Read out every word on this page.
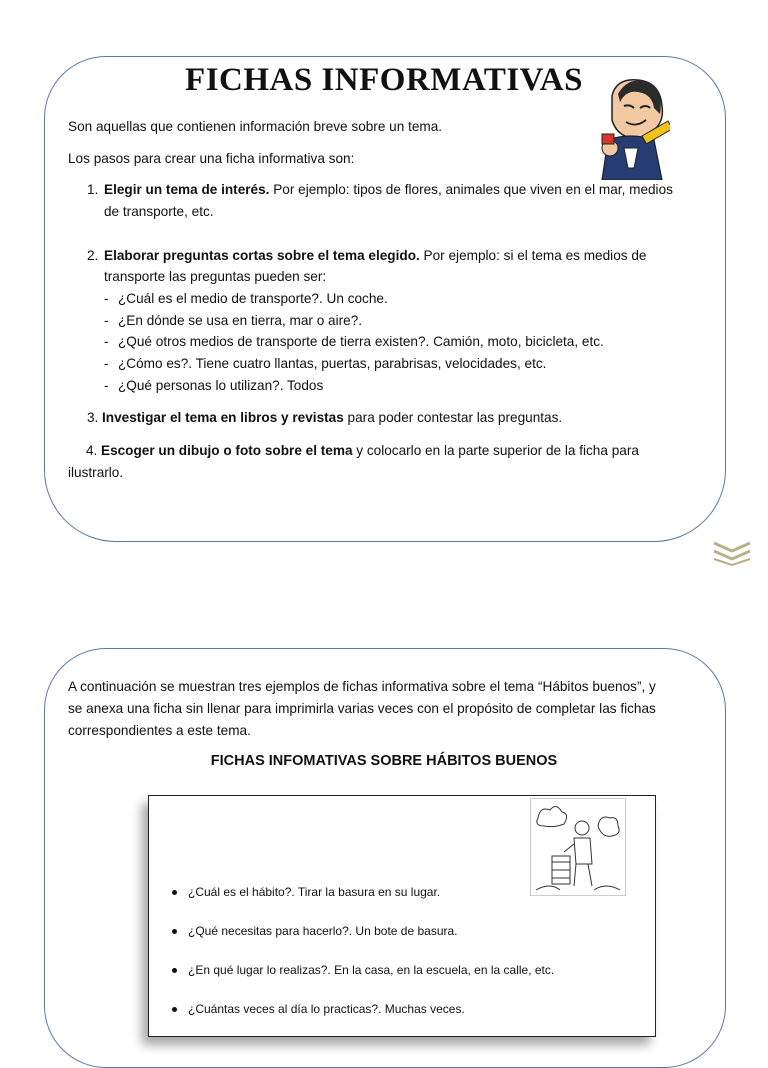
FICHAS INFORMATIVAS
Son aquellas que contienen información breve sobre un tema.
Los pasos para crear una ficha informativa son:
1. Elegir un tema de interés. Por ejemplo: tipos de flores, animales que viven en el mar, medios
de transporte, etc.
2. Elaborar preguntas cortas sobre el tema elegido. Por ejemplo: si el tema es medios de
transporte las preguntas pueden ser:
- ¿Cuál es el medio de transporte?. Un coche.
- ¿En dónde se usa en tierra, mar o aire?.
- ¿Qué otros medios de transporte de tierra existen?. Camión, moto, bicicleta, etc.
- ¿Cómo es?. Tiene cuatro llantas, puertas, parabrisas, velocidades, etc.
- ¿Qué personas lo utilizan?. Todos
3. Investigar el tema en libros y revistas para poder contestar las preguntas.
4. Escoger un dibujo o foto sobre el tema y colocarlo en la parte superior de la ficha para
ilustrarlo.
A continuación se muestran tres ejemplos de fichas informativa sobre el tema “Hábitos buenos”, y
se anexa una ficha sin llenar para imprimirla varias veces con el propósito de completar las fichas
correspondientes a este tema.
FICHAS INFOMATIVAS SOBRE HÁBITOS BUENOS
¿Cuál es el hábito?. Tirar la basura en su lugar.
¿Qué necesitas para hacerlo?. Un bote de basura.
¿En qué lugar lo realizas?. En la casa, en la escuela, en la calle, etc.
¿Cuántas veces al día lo practicas?. Muchas veces.
